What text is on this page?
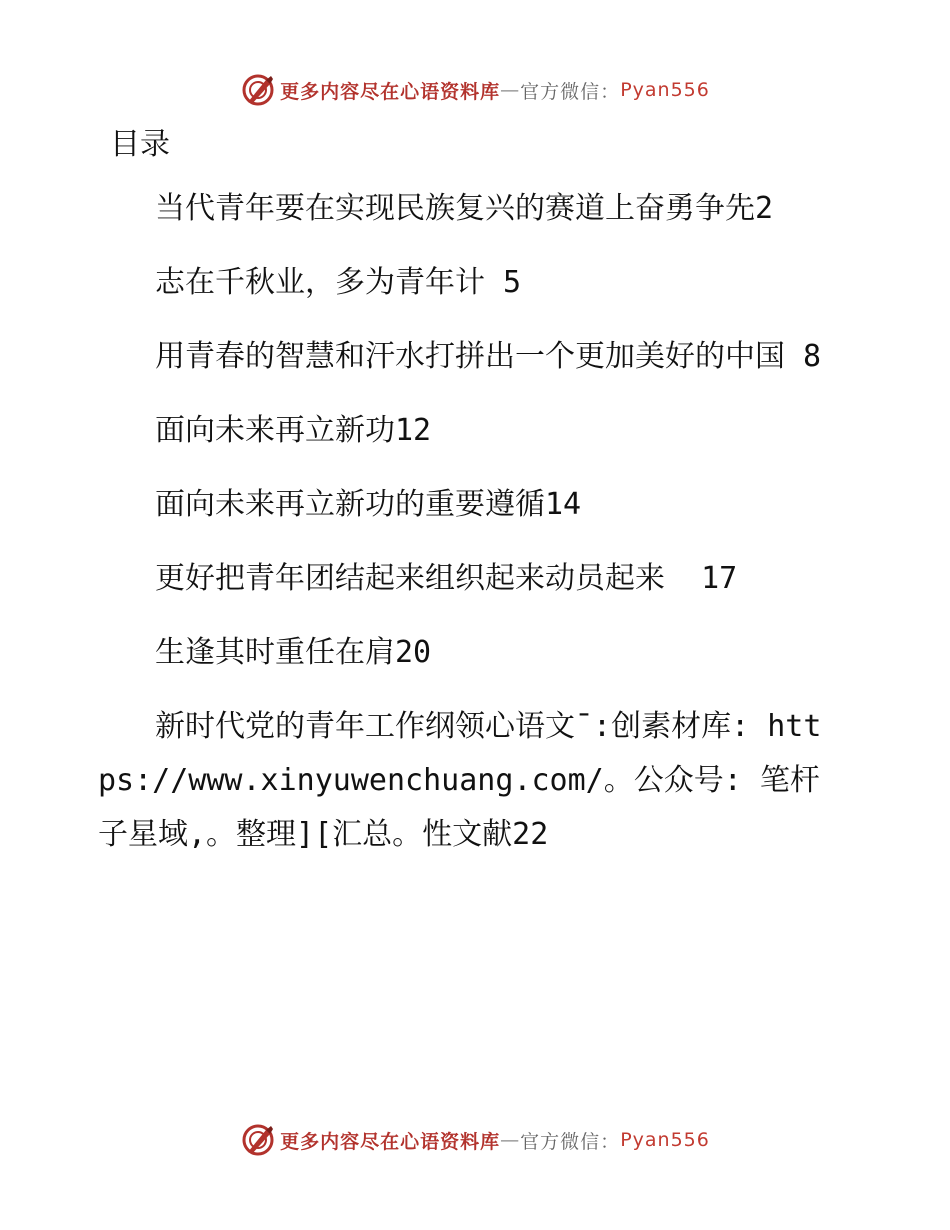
更多内容尽在心语资料库 — 官方微信： Pyan556
目录
当代青年要在实现民族复兴的赛道上奋勇争先2
志在千秋业，多为青年计 5
用青春的智慧和汗水打拼出一个更加美好的中国 8
面向未来再立新功12
面向未来再立新功的重要遵循14
更好把青年团结起来组织起来动员起来  17
生逢其时重任在肩20
新时代党的青年工作纲领心语文¯:创素材库: https://www.xinyuwenchuang.com/。公众号: 笔杆子星域,。整理][汇总。性文献22
更多内容尽在心语资料库 — 官方微信： Pyan556
